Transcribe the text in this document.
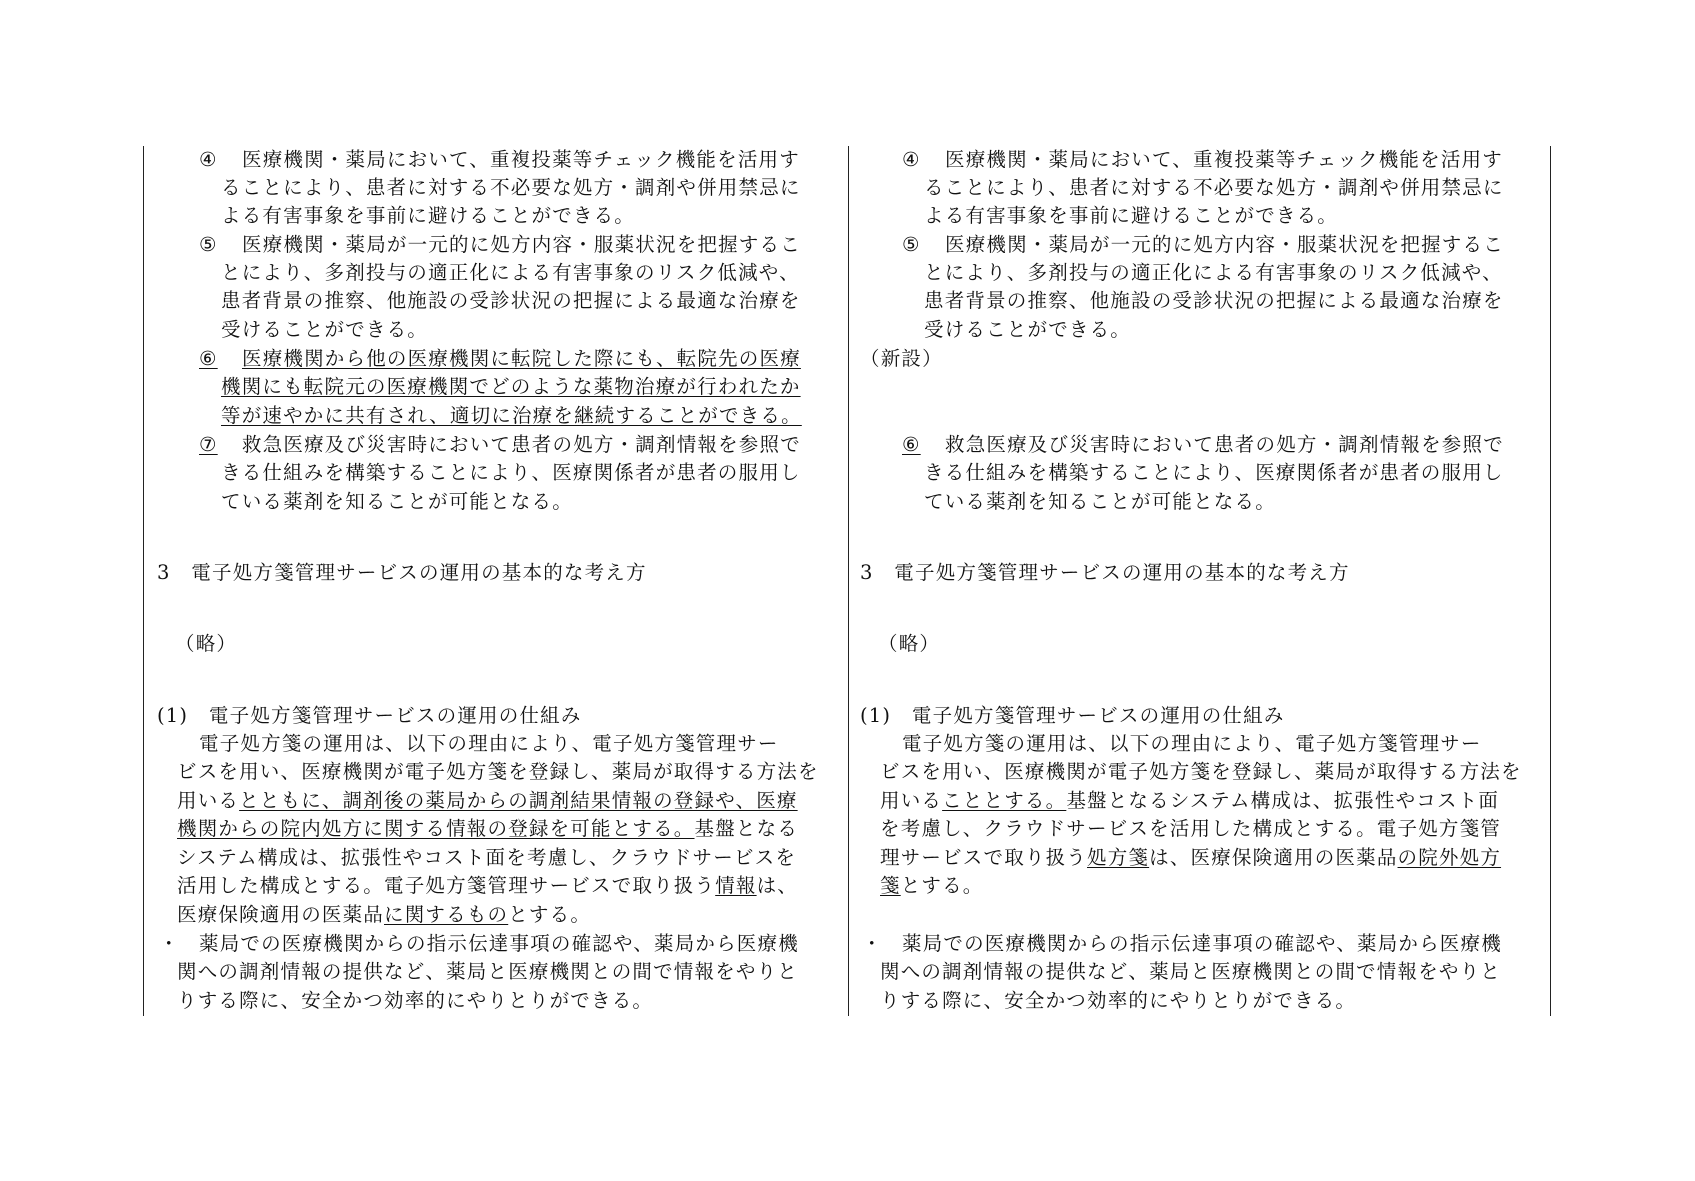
④ 医療機関・薬局において、重複投薬等チェック機能を活用す
ることにより、患者に対する不必要な処方・調剤や併用禁忌に
よる有害事象を事前に避けることができる。
⑤ 医療機関・薬局が一元的に処方内容・服薬状況を把握するこ
とにより、多剤投与の適正化による有害事象のリスク低減や、
患者背景の推察、他施設の受診状況の把握による最適な治療を
受けることができる。
⑥ 医療機関から他の医療機関に転院した際にも、転院先の医療
機関にも転院元の医療機関でどのような薬物治療が行われたか
等が速やかに共有され、適切に治療を継続することができる。
⑦ 救急医療及び災害時において患者の処方・調剤情報を参照で
きる仕組みを構築することにより、医療関係者が患者の服用し
ている薬剤を知ることが可能となる。
3　電子処方箋管理サービスの運用の基本的な考え方
（略）
(1)　電子処方箋管理サービスの運用の仕組み
電子処方箋の運用は、以下の理由により、電子処方箋管理サー
ビスを用い、医療機関が電子処方箋を登録し、薬局が取得する方法を
用いるとともに、調剤後の薬局からの調剤結果情報の登録や、医療
機関からの院内処方に関する情報の登録を可能とする。基盤となる
システム構成は、拡張性やコスト面を考慮し、クラウドサービスを
活用した構成とする。電子処方箋管理サービスで取り扱う情報は、
医療保険適用の医薬品に関するものとする。
・ 薬局での医療機関からの指示伝達事項の確認や、薬局から医療機
関への調剤情報の提供など、薬局と医療機関との間で情報をやりと
りする際に、安全かつ効率的にやりとりができる。
④ 医療機関・薬局において、重複投薬等チェック機能を活用す
ることにより、患者に対する不必要な処方・調剤や併用禁忌に
よる有害事象を事前に避けることができる。
⑤ 医療機関・薬局が一元的に処方内容・服薬状況を把握するこ
とにより、多剤投与の適正化による有害事象のリスク低減や、
患者背景の推察、他施設の受診状況の把握による最適な治療を
受けることができる。
（新設）
⑥ 救急医療及び災害時において患者の処方・調剤情報を参照で
きる仕組みを構築することにより、医療関係者が患者の服用し
ている薬剤を知ることが可能となる。
3　電子処方箋管理サービスの運用の基本的な考え方
（略）
(1)　電子処方箋管理サービスの運用の仕組み
電子処方箋の運用は、以下の理由により、電子処方箋管理サー
ビスを用い、医療機関が電子処方箋を登録し、薬局が取得する方法を
用いることとする。基盤となるシステム構成は、拡張性やコスト面
を考慮し、クラウドサービスを活用した構成とする。電子処方箋管
理サービスで取り扱う処方箋は、医療保険適用の医薬品の院外処方
箋とする。
・ 薬局での医療機関からの指示伝達事項の確認や、薬局から医療機
関への調剤情報の提供など、薬局と医療機関との間で情報をやりと
りする際に、安全かつ効率的にやりとりができる。
